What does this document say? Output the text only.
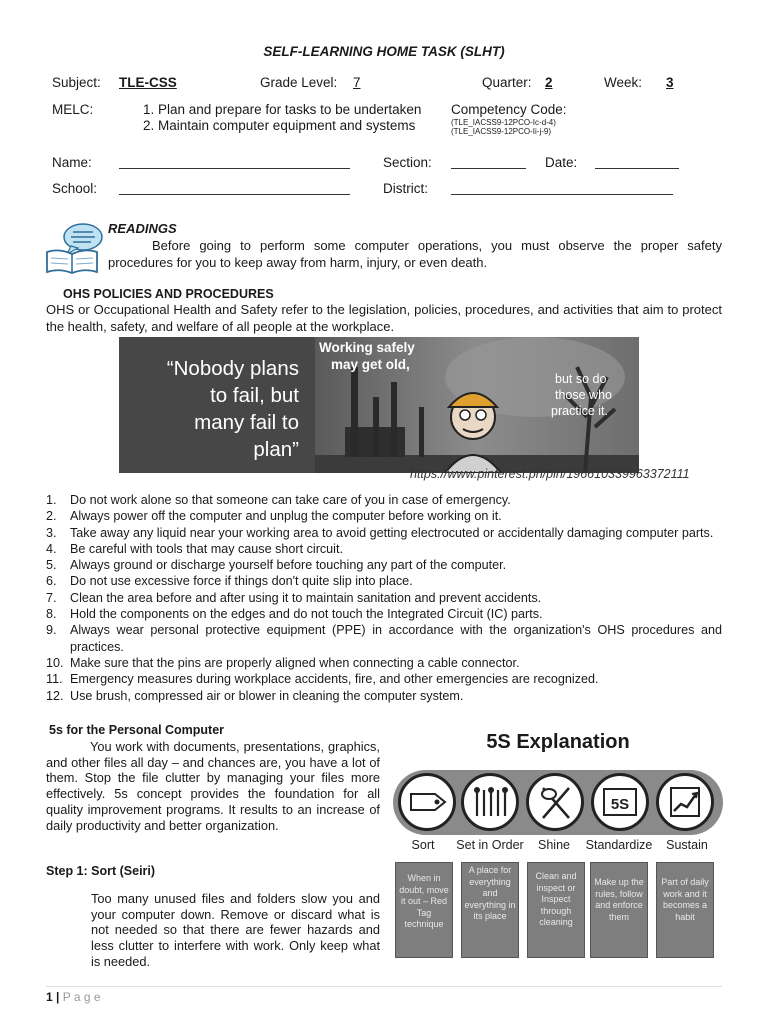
SELF-LEARNING HOME TASK (SLHT)
Subject: TLE-CSS	Grade Level: 7	Quarter: 2	Week: 3
MELC:	1. Plan and prepare for tasks to be undertaken
2. Maintain computer equipment and systems
Competency Code:
(TLE_IACSS9-12PCO-Ic-d-4)
(TLE_IACSS9-12PCO-Ii-j-9)
Name:	Section:	Date:
School:	District:
READINGS
Before going to perform some computer operations, you must observe the proper safety procedures for you to keep away from harm, injury, or even death.
OHS POLICIES AND PROCEDURES
OHS or Occupational Health and Safety refer to the legislation, policies, procedures, and activities that aim to protect the health, safety, and welfare of all people at the workplace.
“Nobody plans
to fail, but
many fail to
plan”
Working safely
may get old,
but so do
those who
practice it.
https://www.pinterest.ph/pin/196610339963372111
1.	Do not work alone so that someone can take care of you in case of emergency.
2.	Always power off the computer and unplug the computer before working on it.
3.	Take away any liquid near your working area to avoid getting electrocuted or accidentally damaging computer parts.
4.	Be careful with tools that may cause short circuit.
5.	Always ground or discharge yourself before touching any part of the computer.
6.	Do not use excessive force if things don't quite slip into place.
7.	Clean the area before and after using it to maintain sanitation and prevent accidents.
8.	Hold the components on the edges and do not touch the Integrated Circuit (IC) parts.
9.	Always wear personal protective equipment (PPE) in accordance with the organization's OHS procedures and practices.
10. Make sure that the pins are properly aligned when connecting a cable connector.
11. Emergency measures during workplace accidents, fire, and other emergencies are recognized.
12. Use brush, compressed air or blower in cleaning the computer system.
5s for the Personal Computer
You work with documents, presentations, graphics, and other files all day – and chances are, you have a lot of them. Stop the file clutter by managing your files more effectively. 5s concept provides the foundation for all quality improvement programs. It results to an increase of daily productivity and better organization.
Step 1: Sort (Seiri)
Too many unused files and folders slow you and your computer down. Remove or discard what is not needed so that there are fewer hazards and less clutter to interfere with work. Only keep what is needed.
5S Explanation
5S
Sort	Set in Order	Shine	Standardize	Sustain
When in doubt, move it out – Red Tag technique
A place for everything and everything in its place
Clean and inspect or Inspect through cleaning
Make up the rules, follow and enforce them
Part of daily work and it becomes a habit
1 | P a g e
